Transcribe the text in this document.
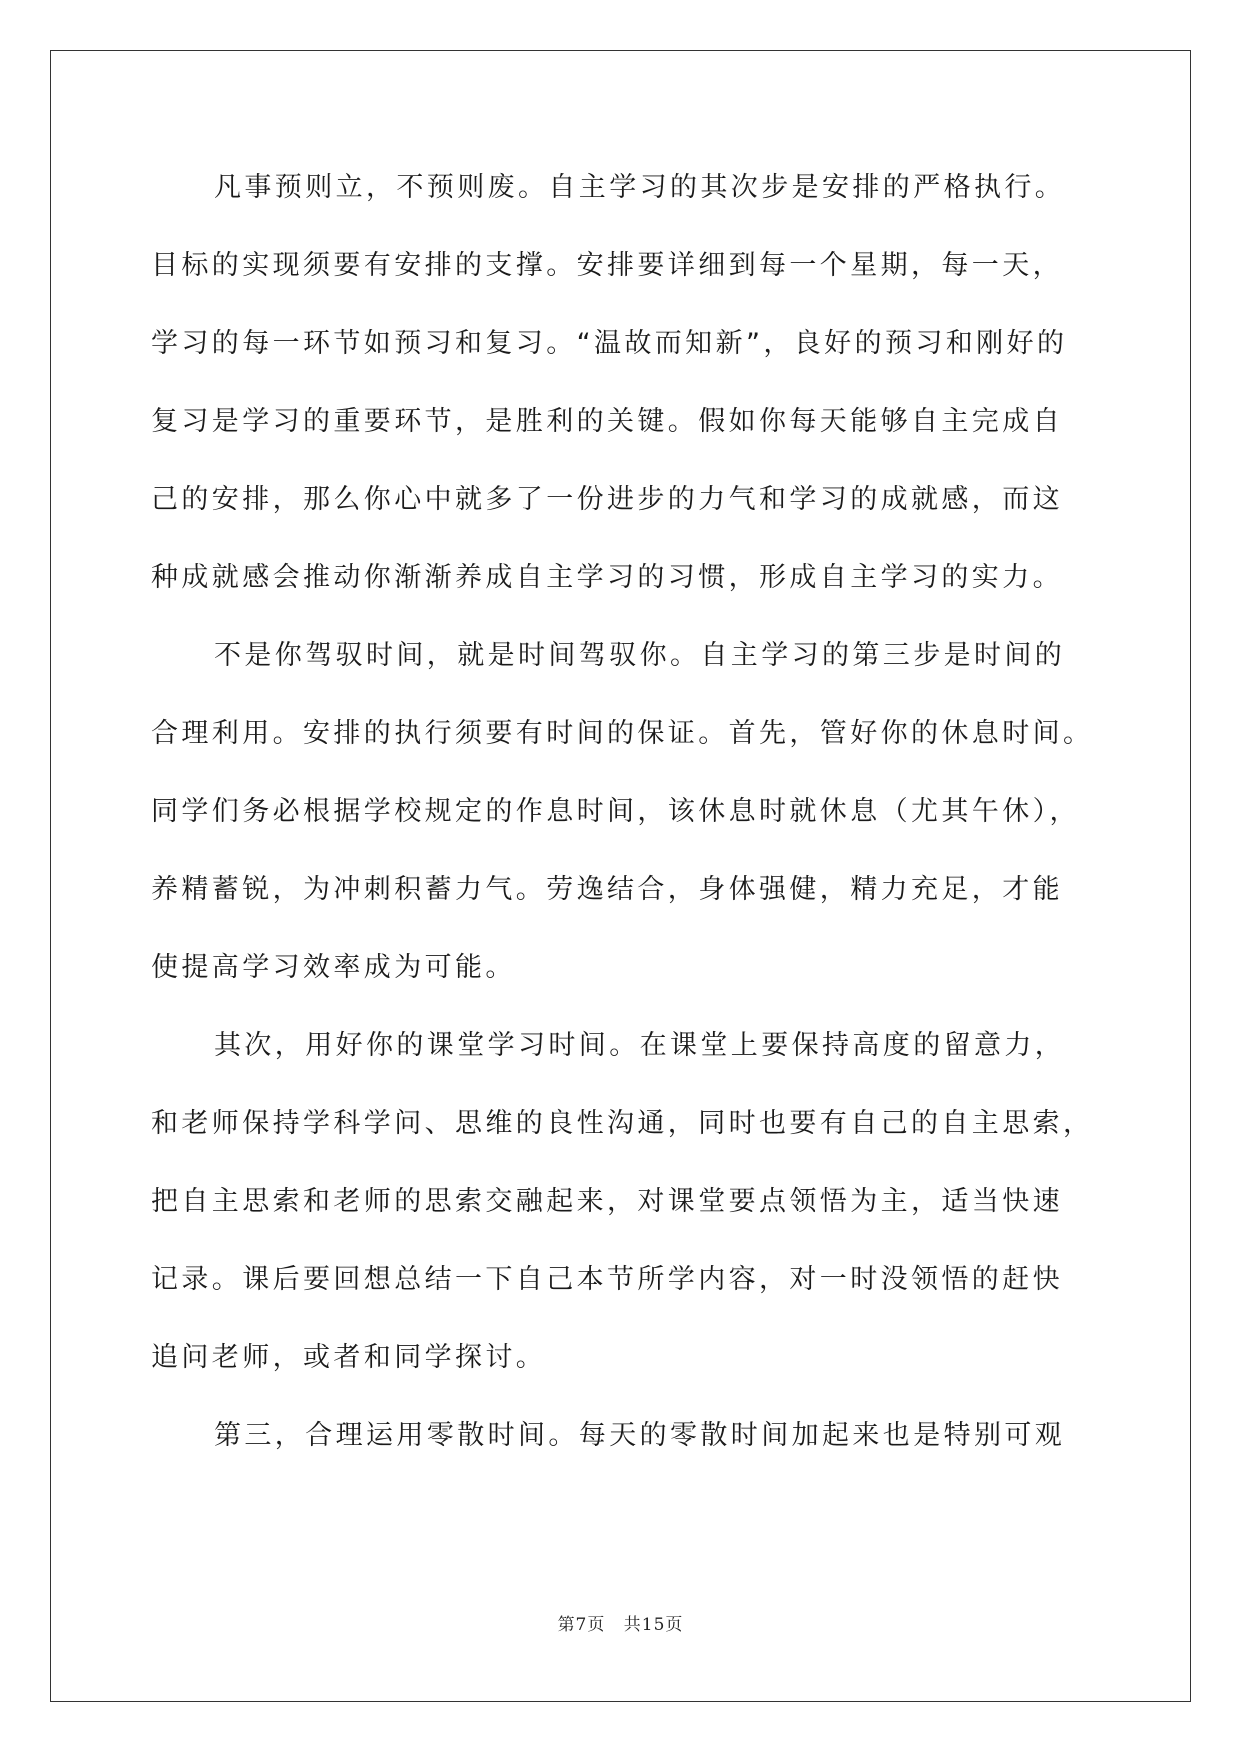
凡事预则立，不预则废。自主学习的其次步是安排的严格执行。
目标的实现须要有安排的支撑。安排要详细到每一个星期，每一天，
学习的每一环节如预习和复习。“温故而知新”，良好的预习和刚好的
复习是学习的重要环节，是胜利的关键。假如你每天能够自主完成自
己的安排，那么你心中就多了一份进步的力气和学习的成就感，而这
种成就感会推动你渐渐养成自主学习的习惯，形成自主学习的实力。
不是你驾驭时间，就是时间驾驭你。自主学习的第三步是时间的
合理利用。安排的执行须要有时间的保证。首先，管好你的休息时间。
同学们务必根据学校规定的作息时间，该休息时就休息（尤其午休），
养精蓄锐，为冲刺积蓄力气。劳逸结合，身体强健，精力充足，才能
使提高学习效率成为可能。
其次，用好你的课堂学习时间。在课堂上要保持高度的留意力，
和老师保持学科学问、思维的良性沟通，同时也要有自己的自主思索，
把自主思索和老师的思索交融起来，对课堂要点领悟为主，适当快速
记录。课后要回想总结一下自己本节所学内容，对一时没领悟的赶快
追问老师，或者和同学探讨。
第三，合理运用零散时间。每天的零散时间加起来也是特别可观
第7页 共15页
